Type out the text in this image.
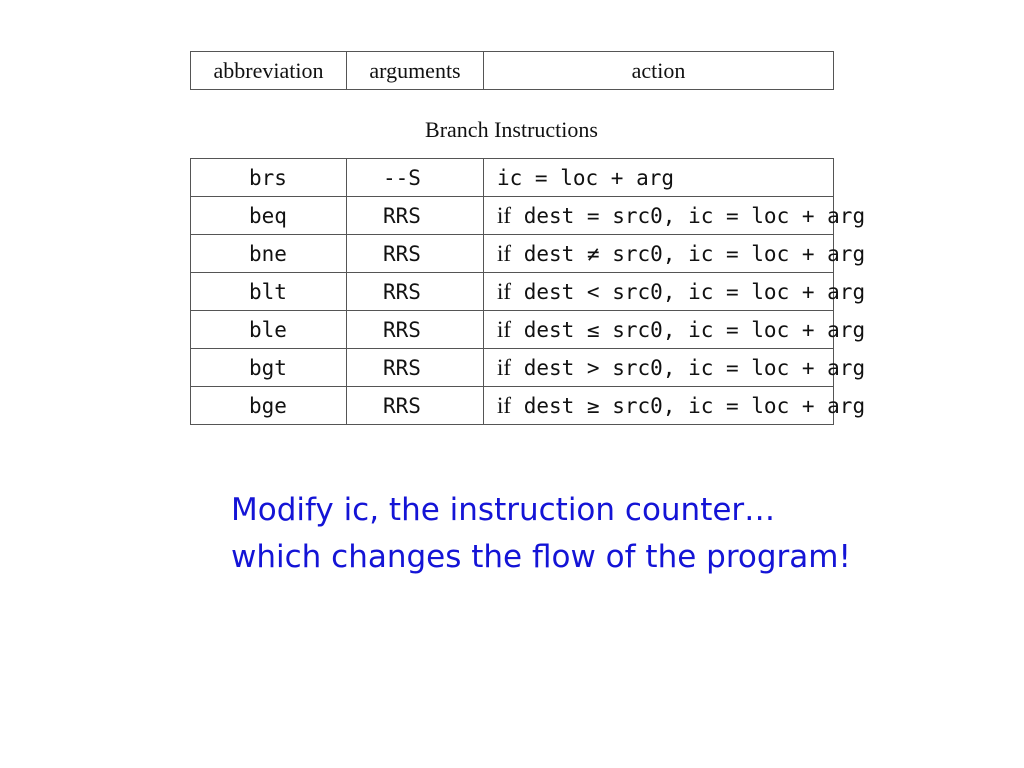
abbreviation	arguments	action
Branch Instructions
brs	--S	ic = loc + arg
beq	RRS	if dest = src0, ic = loc + arg
bne	RRS	if dest ≠ src0, ic = loc + arg
blt	RRS	if dest < src0, ic = loc + arg
ble	RRS	if dest ≤ src0, ic = loc + arg
bgt	RRS	if dest > src0, ic = loc + arg
bge	RRS	if dest ≥ src0, ic = loc + arg
Modify ic, the instruction counter…
which changes the flow of the program!
